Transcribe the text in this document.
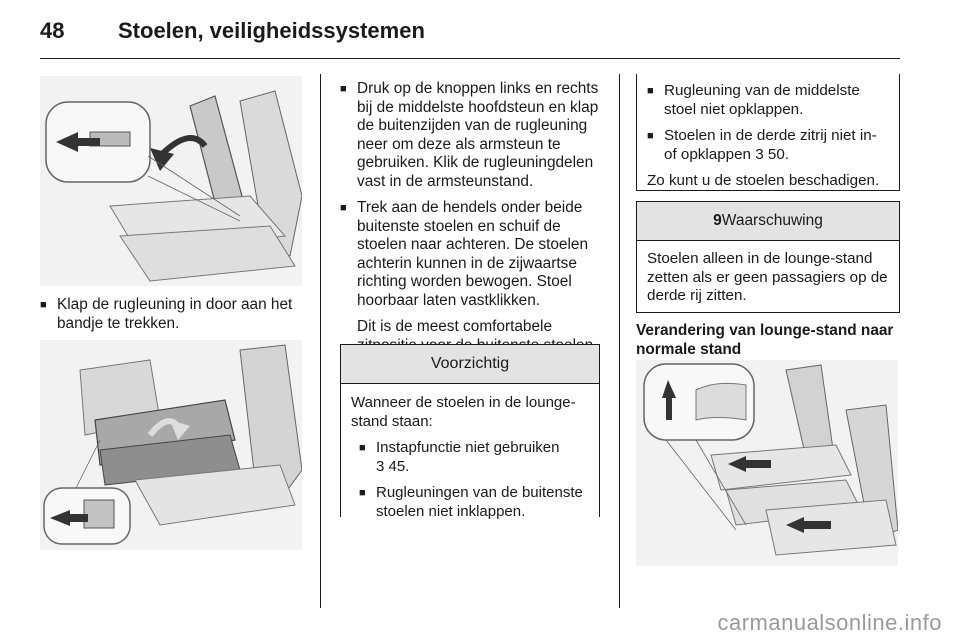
48 Stoelen, veiligheidssystemen
■ Klap de rugleuning in door aan het bandje te trekken.
■ Druk op de knoppen links en rechts bij de middelste hoofdsteun en klap de buitenzijden van de rugleuning neer om deze als armsteun te gebruiken. Klik de rugleuningdelen vast in de armsteunstand.
■ Trek aan de hendels onder beide buitenste stoelen en schuif de stoelen naar achteren. De stoelen achterin kunnen in de zijwaartse richting worden bewogen. Stoel hoorbaar laten vastklikken.
Dit is de meest comfortabele
Voorzichtig
Wanneer de stoelen in de lounge-stand staan:
■ Instapfunctie niet gebruiken
3 45.
■ Rugleuningen van de buitenste stoelen niet inklappen.
■ Rugleuning van de middelste stoel niet opklappen.
■ Stoelen in de derde zitrij niet in- of opklappen 3 50.
Zo kunt u de stoelen beschadigen.
9Waarschuwing
Stoelen alleen in de lounge-stand zetten als er geen passagiers op de derde rij zitten.
Verandering van lounge-stand naar normale stand
carmanualsonline.info
